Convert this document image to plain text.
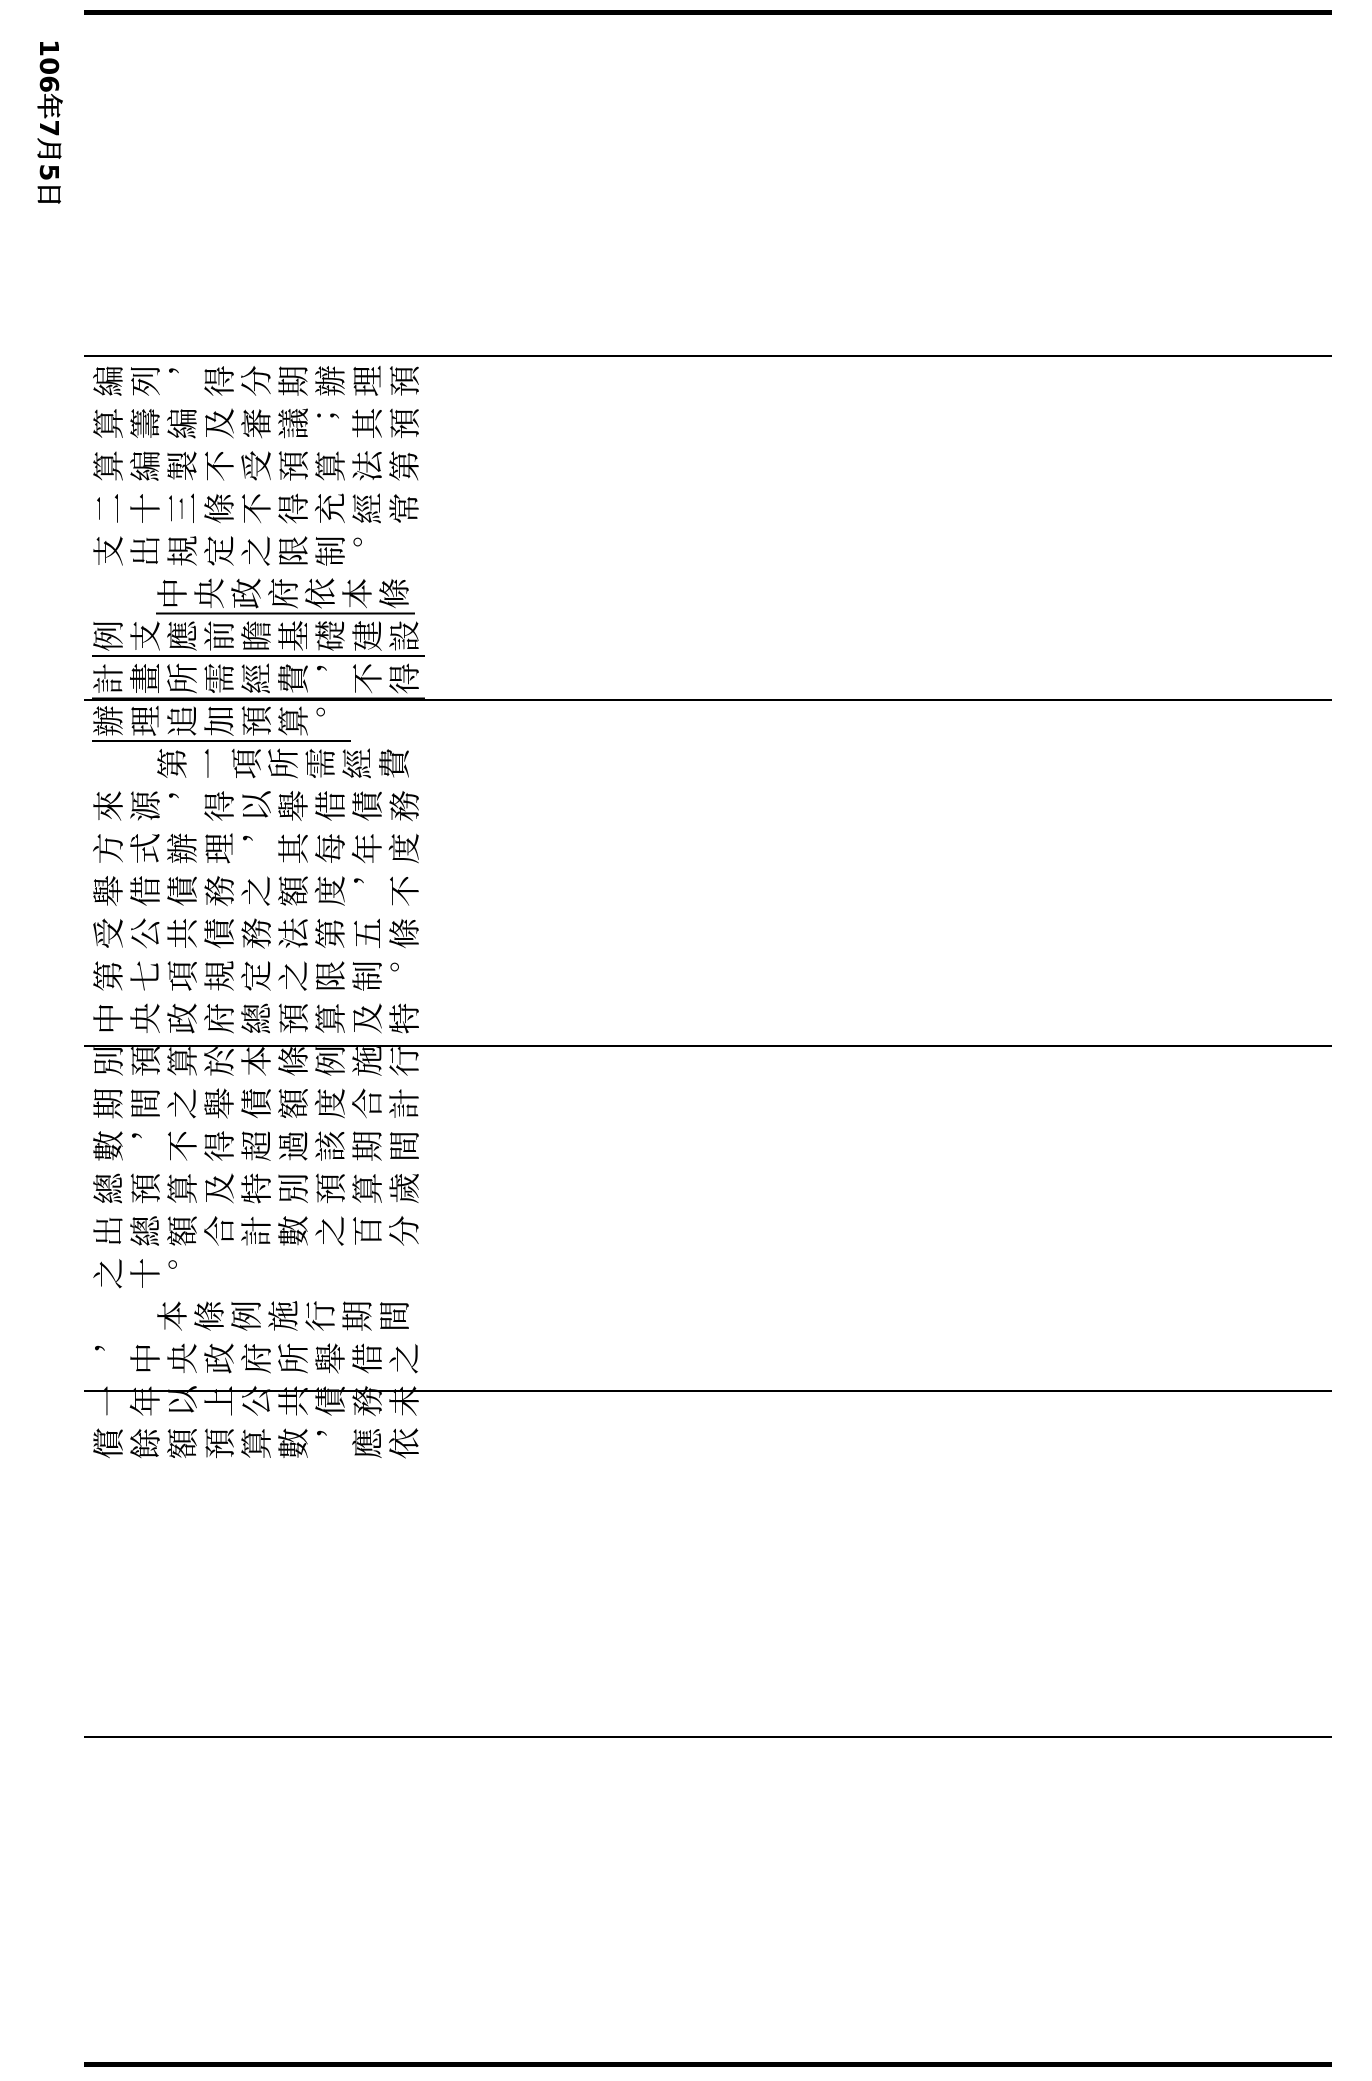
106年7月5日
編列，得分期辦理預
算籌編及審議；其預
算編製不受預算法第
二十三條不得充經常
支出規定之限制。
中央政府依本條
例支應前瞻基礎建設
計畫所需經費，不得
辦理追加預算。
第一項所需經費
來源，得以舉借債務
方式辦理，其每年度
舉借債務之額度，不
受公共債務法第五條
第七項規定之限制。
中央政府總預算及特
別預算於本條例施行
期間之舉債額度合計
數，不得超過該期間
總預算及特別預算歲
出總額合計數之百分
之十。
本條例施行期間
，中央政府所舉借之
一年以上公共債務未
償餘額預算數，應依
